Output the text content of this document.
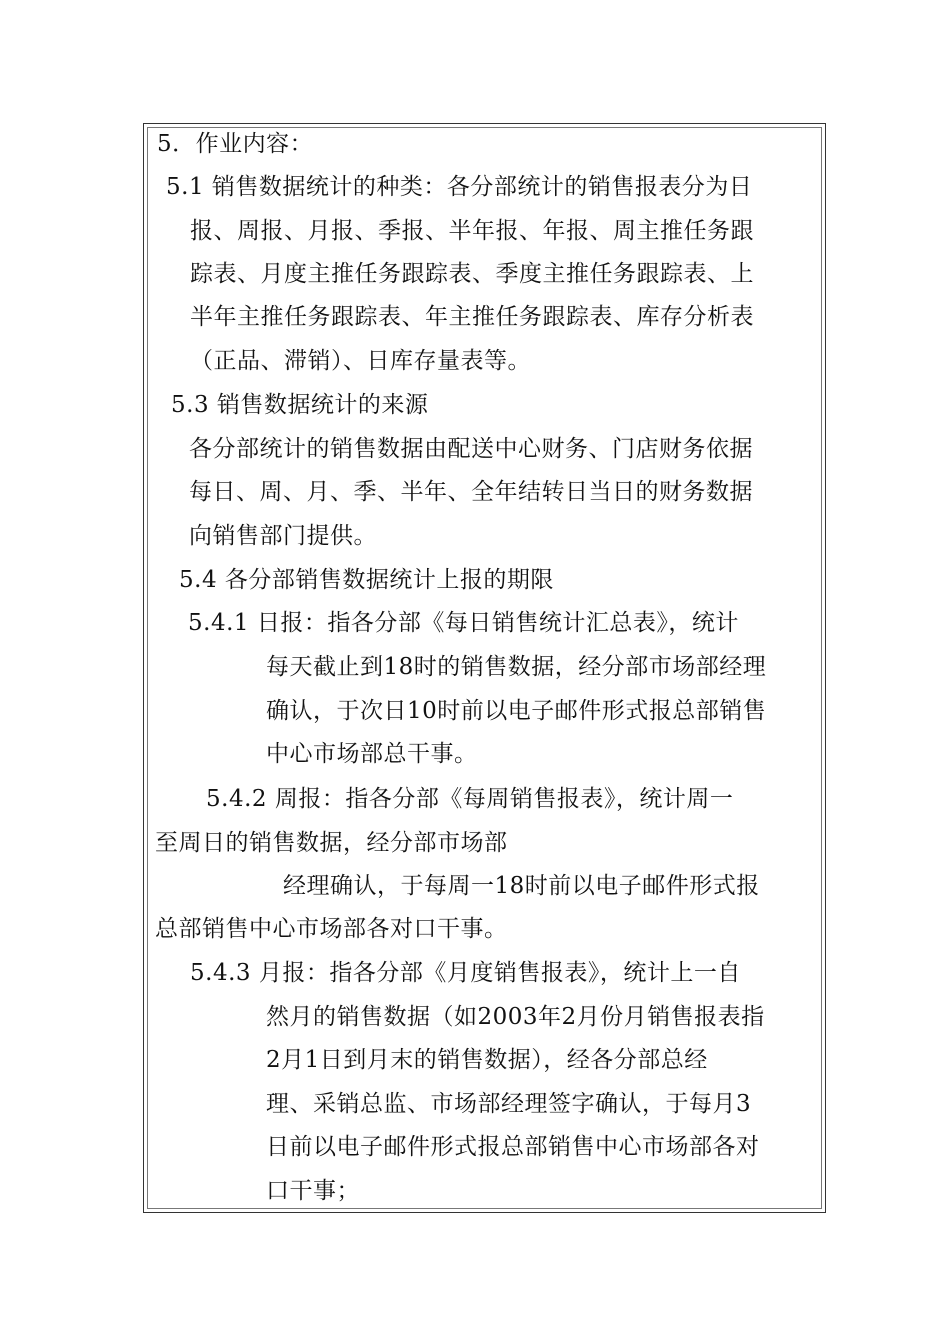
5．作业内容：
5.1 销售数据统计的种类：各分部统计的销售报表分为日
报、周报、月报、季报、半年报、年报、周主推任务跟
踪表、月度主推任务跟踪表、季度主推任务跟踪表、上
半年主推任务跟踪表、年主推任务跟踪表、库存分析表
（正品、滞销）、日库存量表等。
5.3 销售数据统计的来源
各分部统计的销售数据由配送中心财务、门店财务依据
每日、周、月、季、半年、全年结转日当日的财务数据
向销售部门提供。
5.4 各分部销售数据统计上报的期限
5.4.1 日报：指各分部《每日销售统计汇总表》，统计
每天截止到18时的销售数据，经分部市场部经理
确认，于次日10时前以电子邮件形式报总部销售
中心市场部总干事。
5.4.2 周报：指各分部《每周销售报表》，统计周一
至周日的销售数据，经分部市场部
经理确认，于每周一18时前以电子邮件形式报
总部销售中心市场部各对口干事。
5.4.3 月报：指各分部《月度销售报表》，统计上一自
然月的销售数据（如2003年2月份月销售报表指
2月1日到月末的销售数据），经各分部总经
理、采销总监、市场部经理签字确认，于每月3
日前以电子邮件形式报总部销售中心市场部各对
口干事；
